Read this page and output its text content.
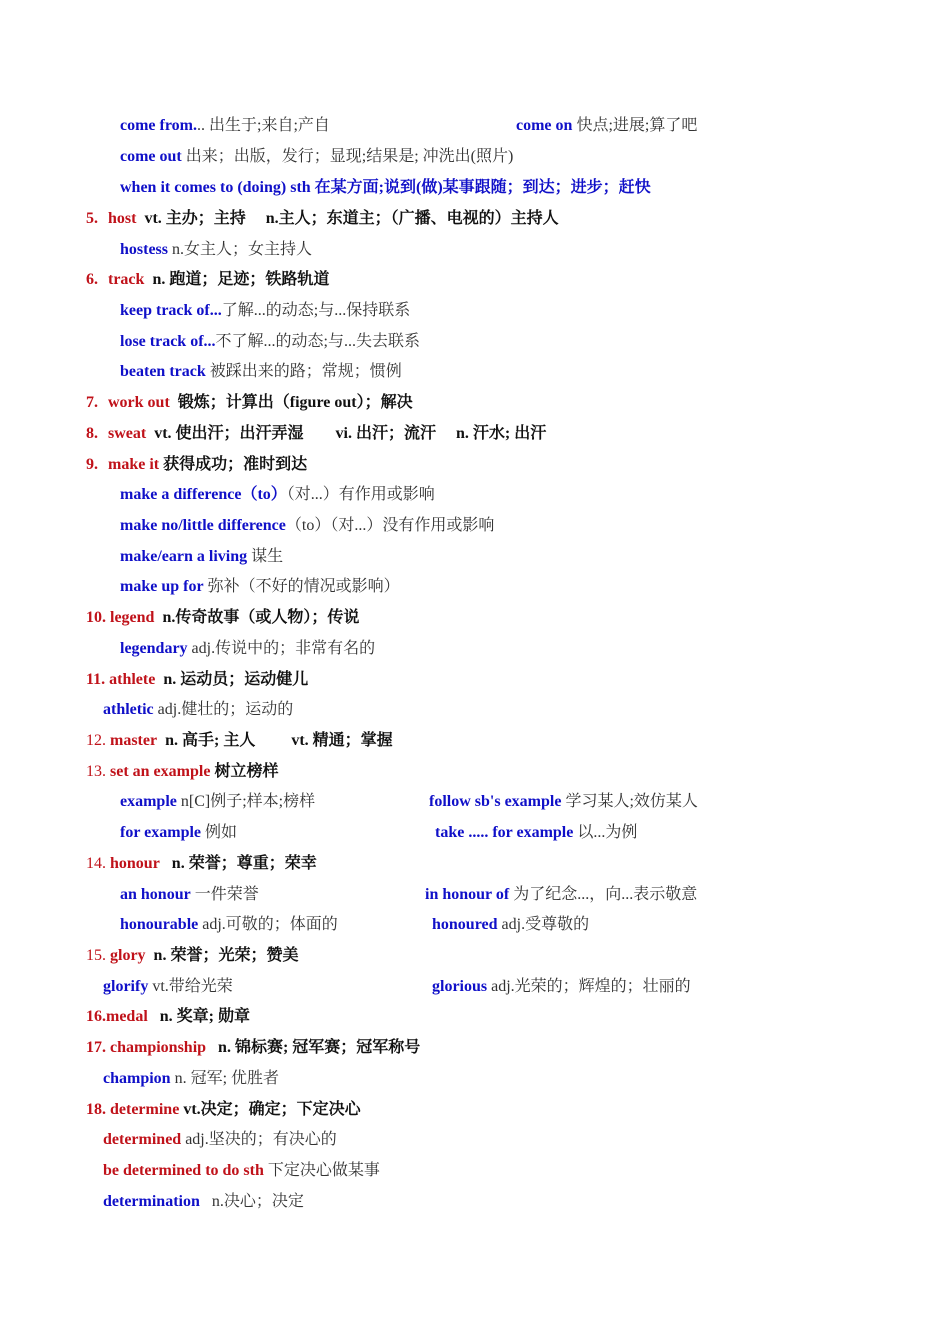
come from... 出生于;来自;产自	come on 快点;进展;算了吧
come out 出来；出版，发行；显现;结果是; 冲洗出(照片)
when it comes to (doing) sth 在某方面;说到(做)某事跟随；到达；进步；赶快
5. host vt. 主办；主持　 n.主人；东道主；（广播、电视的）主持人
hostess n.女主人；女主持人
6. track n. 跑道；足迹；铁路轨道
keep track of...了解...的动态;与...保持联系
lose track of...不了解...的动态;与...失去联系
beaten track 被踩出来的路；常规；惯例
7. work out 锻炼；计算出（figure out）；解决
8. sweat vt. 使出汗；出汗弄湿　　vi. 出汗；流汗　 n. 汗水; 出汗
9. make it 获得成功；准时到达
make a difference（to）（对...）有作用或影响
make no/little difference（to）（对...）没有作用或影响
make/earn a living 谋生
make up for 弥补（不好的情况或影响）
10. legend n.传奇故事（或人物）；传说
legendary adj.传说中的；非常有名的
11. athlete n. 运动员；运动健儿
athletic adj.健壮的；运动的
12. master n. 高手; 主人　　 vt. 精通；掌握
13. set an example 树立榜样
example n[C]例子;样本;榜样	follow sb's example 学习某人;效仿某人
for example 例如	take ..... for example 以...为例
14. honour n. 荣誉；尊重；荣幸
an honour 一件荣誉	in honour of 为了纪念...，向...表示敬意
honourable adj.可敬的；体面的	honoured adj.受尊敬的
15. glory n. 荣誉；光荣；赞美
glorify vt.带给光荣	glorious adj.光荣的；辉煌的；壮丽的
16.medal n. 奖章; 勋章
17. championship n. 锦标赛; 冠军赛；冠军称号
champion n. 冠军; 优胜者
18. determine vt.决定；确定；下定决心
determined adj.坚决的；有决心的
be determined to do sth 下定决心做某事
determination n.决心；决定
